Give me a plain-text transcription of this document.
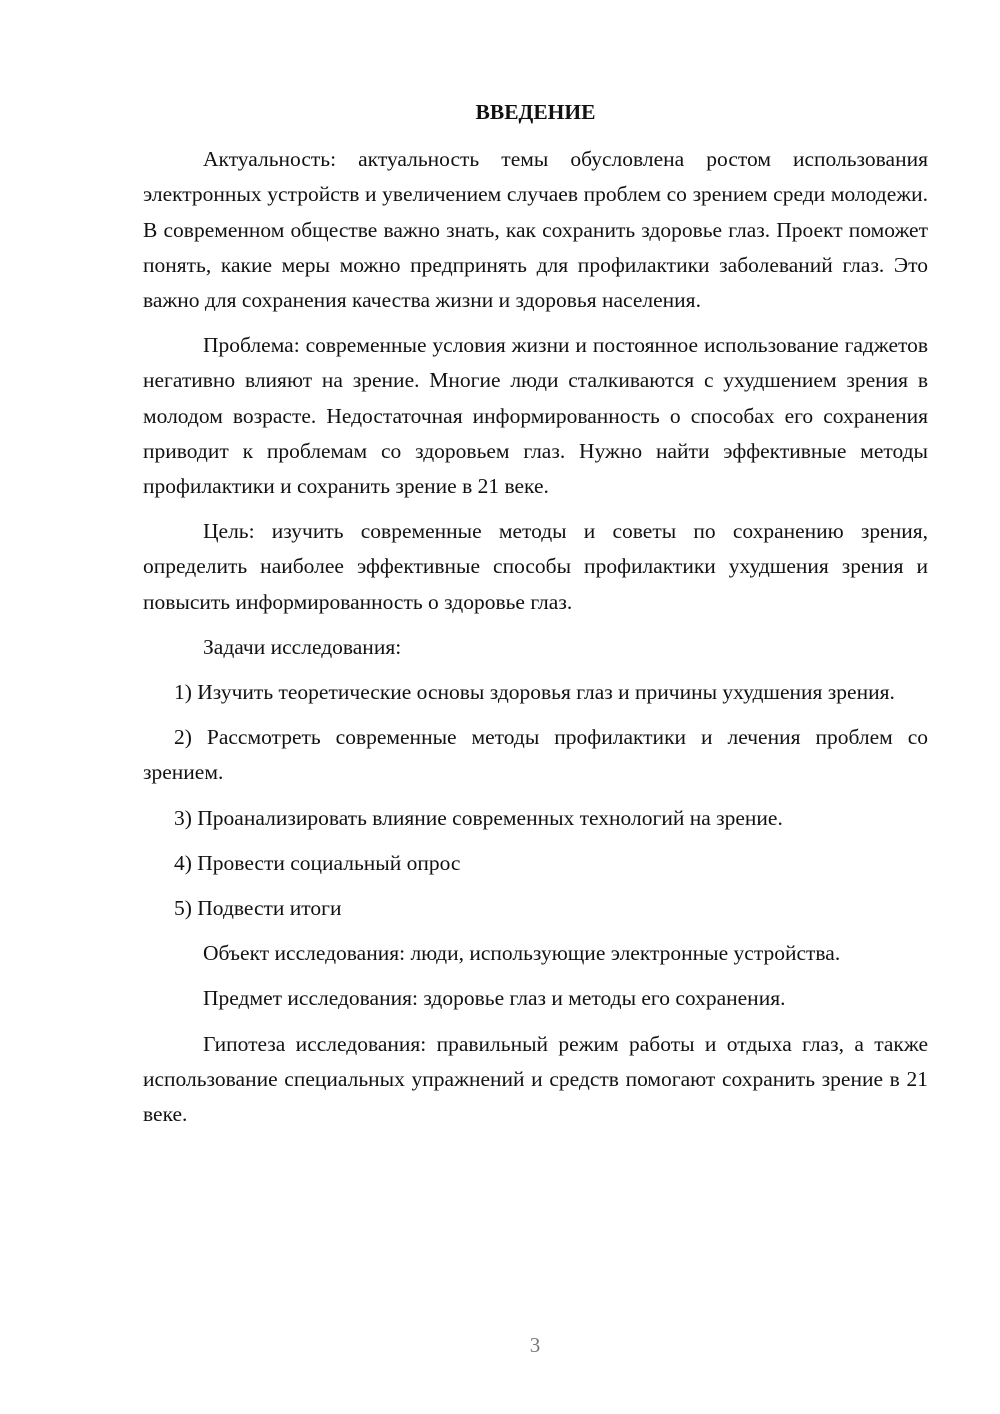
ВВЕДЕНИЕ

Актуальность: актуальность темы обусловлена ростом использования электронных устройств и увеличением случаев проблем со зрением среди молодежи. В современном обществе важно знать, как сохранить здоровье глаз. Проект поможет понять, какие меры можно предпринять для профилактики заболеваний глаз. Это важно для сохранения качества жизни и здоровья населения.

Проблема: современные условия жизни и постоянное использование гаджетов негативно влияют на зрение. Многие люди сталкиваются с ухудшением зрения в молодом возрасте. Недостаточная информированность о способах его сохранения приводит к проблемам со здоровьем глаз. Нужно найти эффективные методы профилактики и сохранить зрение в 21 веке.

Цель: изучить современные методы и советы по сохранению зрения, определить наиболее эффективные способы профилактики ухудшения зрения и повысить информированность о здоровье глаз.

Задачи исследования:

1) Изучить теоретические основы здоровья глаз и причины ухудшения зрения.

2) Рассмотреть современные методы профилактики и лечения проблем со зрением.

3) Проанализировать влияние современных технологий на зрение.

4) Провести социальный опрос

5) Подвести итоги

Объект исследования: люди, использующие электронные устройства.

Предмет исследования: здоровье глаз и методы его сохранения.

Гипотеза исследования: правильный режим работы и отдыха глаз, а также использование специальных упражнений и средств помогают сохранить зрение в 21 веке.

3
